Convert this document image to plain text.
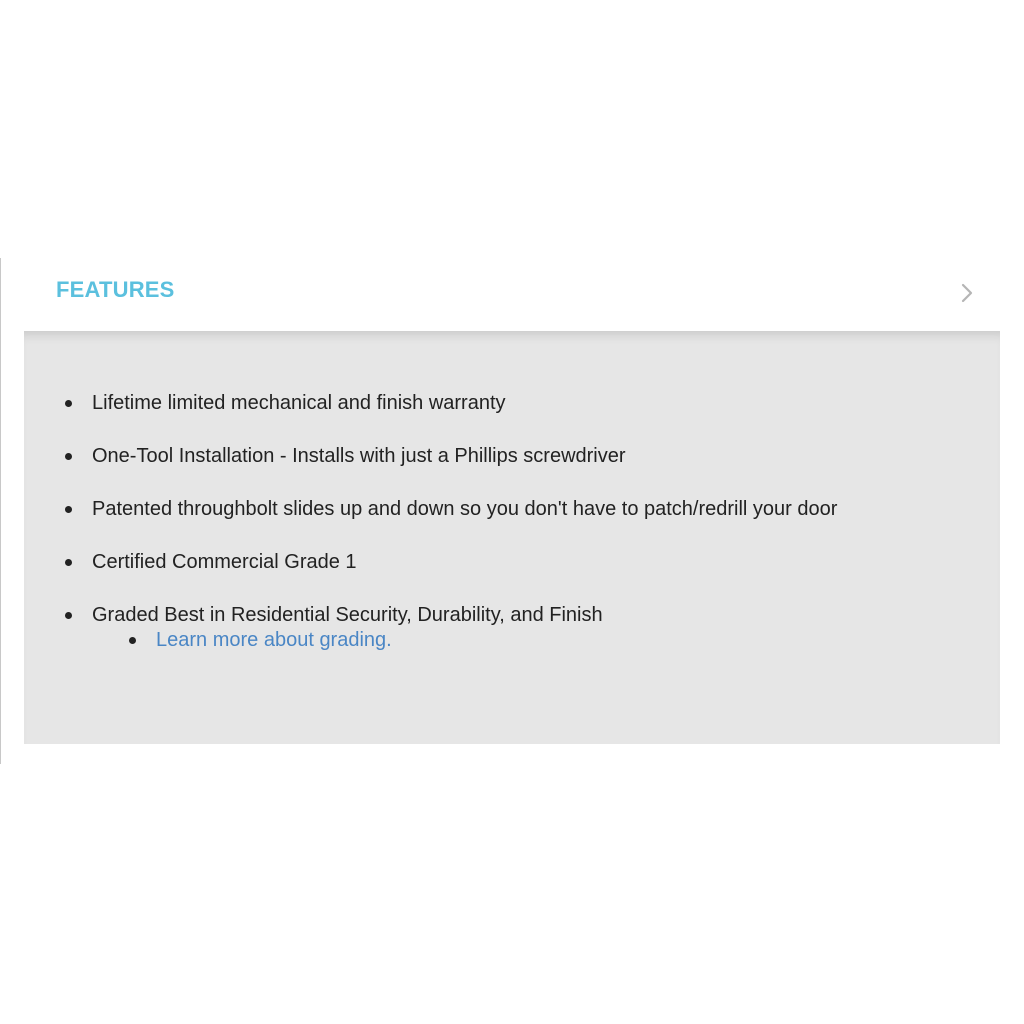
FEATURES
Lifetime limited mechanical and finish warranty
One-Tool Installation - Installs with just a Phillips screwdriver
Patented throughbolt slides up and down so you don't have to patch/redrill your door
Certified Commercial Grade 1
Graded Best in Residential Security, Durability, and Finish
Learn more about grading.
